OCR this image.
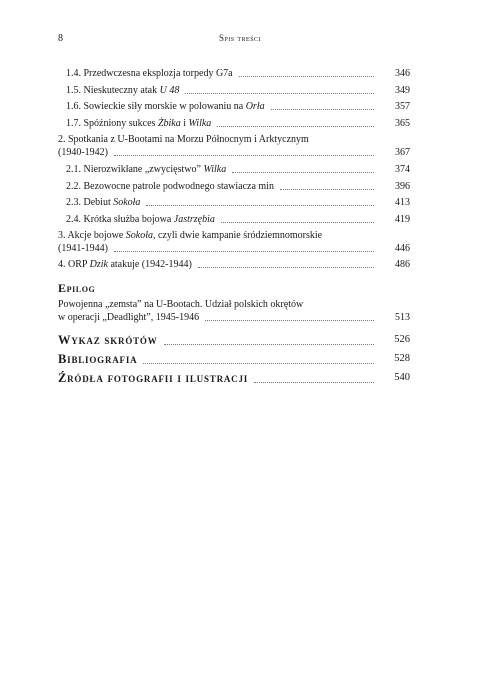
8	Spis treści
1.4. Przedwczesna eksplozja torpedy G7a	346
1.5. Nieskuteczny atak U 48	349
1.6. Sowieckie siły morskie w polowaniu na Orła	357
1.7. Spóźniony sukces Żbika i Wilka	365
2. Spotkania z U-Bootami na Morzu Północnym i Arktycznym
(1940-1942)	367
2.1. Nierozwikłane „zwycięstwo” Wilka	374
2.2. Bezowocne patrole podwodnego stawiacza min	396
2.3. Debiut Sokoła	413
2.4. Krótka służba bojowa Jastrzębia	419
3. Akcje bojowe Sokoła, czyli dwie kampanie śródziemnomorskie
(1941-1944)	446
4. ORP Dzik atakuje (1942-1944)	486
Epilog
Powojenna „zemsta” na U-Bootach. Udział polskich okrętów
w operacji „Deadlight”, 1945-1946	513
Wykaz skrótów	526
Bibliografia	528
Źródła fotografii i ilustracji	540
